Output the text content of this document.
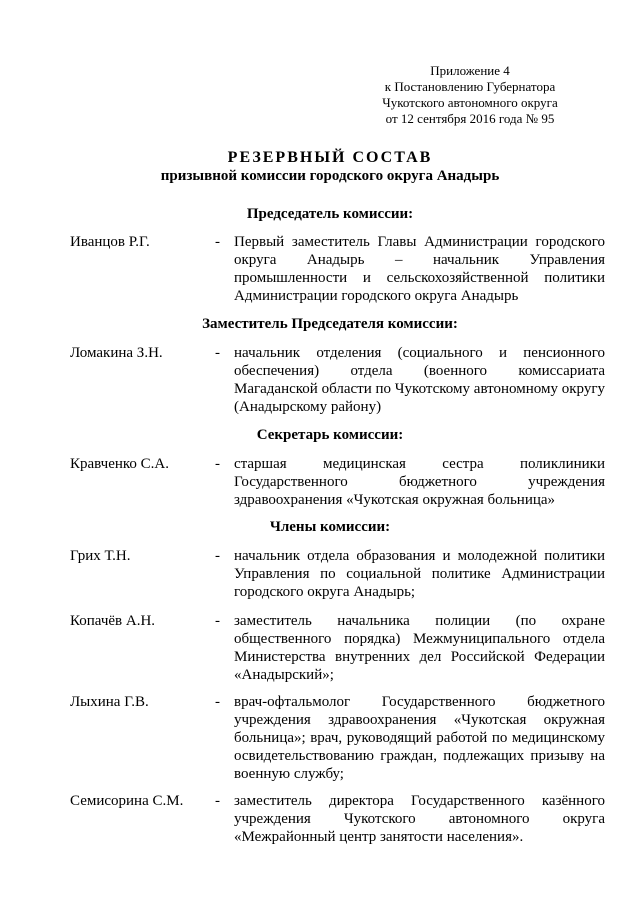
Приложение 4
к Постановлению Губернатора
Чукотского автономного округа
от 12 сентября 2016 года № 95
РЕЗЕРВНЫЙ СОСТАВ
призывной комиссии городского округа Анадырь
Председатель комиссии:
Иванцов Р.Г.	- Первый заместитель Главы Администрации городского округа Анадырь – начальник Управления промышленности и сельскохозяйственной политики Администрации городского округа Анадырь
Заместитель Председателя комиссии:
Ломакина З.Н.	- начальник отделения (социального и пенсионного обеспечения) отдела (военного комиссариата Магаданской области по Чукотскому автономному округу (Анадырскому району)
Секретарь комиссии:
Кравченко С.А.	- старшая медицинская сестра поликлиники Государственного бюджетного учреждения здравоохранения «Чукотская окружная больница»
Члены комиссии:
Грих Т.Н.	- начальник отдела образования и молодежной политики Управления по социальной политике Администрации городского округа Анадырь;
Копачёв А.Н.	- заместитель начальника полиции (по охране общественного порядка) Межмуниципального отдела Министерства внутренних дел Российской Федерации «Анадырский»;
Лыхина Г.В.	- врач-офтальмолог Государственного бюджетного учреждения здравоохранения «Чукотская окружная больница»; врач, руководящий работой по медицинскому освидетельствованию граждан, подлежащих призыву на военную службу;
Семисорина С.М.	- заместитель директора Государственного казённого учреждения Чукотского автономного округа «Межрайонный центр занятости населения».
